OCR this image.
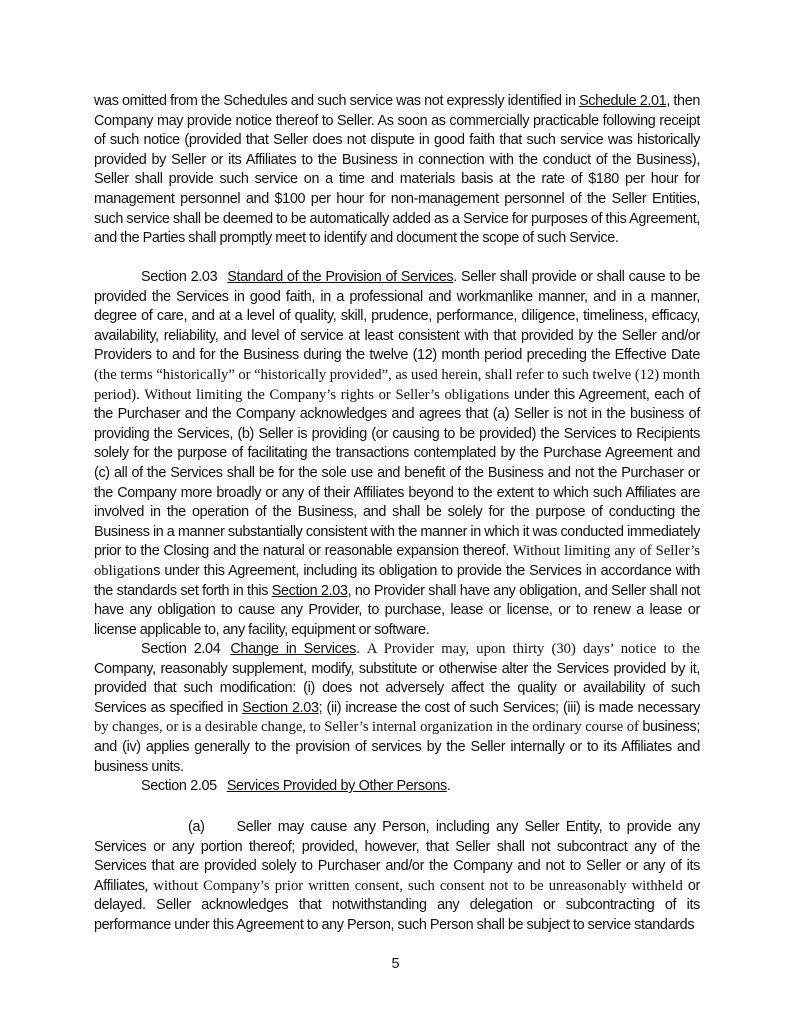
was omitted from the Schedules and such service was not expressly identified in Schedule 2.01, then Company may provide notice thereof to Seller. As soon as commercially practicable following receipt of such notice (provided that Seller does not dispute in good faith that such service was historically provided by Seller or its Affiliates to the Business in connection with the conduct of the Business), Seller shall provide such service on a time and materials basis at the rate of $180 per hour for management personnel and $100 per hour for non-management personnel of the Seller Entities, such service shall be deemed to be automatically added as a Service for purposes of this Agreement, and the Parties shall promptly meet to identify and document the scope of such Service.

Section 2.03 Standard of the Provision of Services. Seller shall provide or shall cause to be provided the Services in good faith, in a professional and workmanlike manner, and in a manner, degree of care, and at a level of quality, skill, prudence, performance, diligence, timeliness, efficacy, availability, reliability, and level of service at least consistent with that provided by the Seller and/or Providers to and for the Business during the twelve (12) month period preceding the Effective Date (the terms “historically” or “historically provided”, as used herein, shall refer to such twelve (12) month period). Without limiting the Company’s rights or Seller’s obligations under this Agreement, each of the Purchaser and the Company acknowledges and agrees that (a) Seller is not in the business of providing the Services, (b) Seller is providing (or causing to be provided) the Services to Recipients solely for the purpose of facilitating the transactions contemplated by the Purchase Agreement and (c) all of the Services shall be for the sole use and benefit of the Business and not the Purchaser or the Company more broadly or any of their Affiliates beyond to the extent to which such Affiliates are involved in the operation of the Business, and shall be solely for the purpose of conducting the Business in a manner substantially consistent with the manner in which it was conducted immediately prior to the Closing and the natural or reasonable expansion thereof. Without limiting any of Seller’s obligations under this Agreement, including its obligation to provide the Services in accordance with the standards set forth in this Section 2.03, no Provider shall have any obligation, and Seller shall not have any obligation to cause any Provider, to purchase, lease or license, or to renew a lease or license applicable to, any facility, equipment or software.

Section 2.04 Change in Services. A Provider may, upon thirty (30) days’ notice to the Company, reasonably supplement, modify, substitute or otherwise alter the Services provided by it, provided that such modification: (i) does not adversely affect the quality or availability of such Services as specified in Section 2.03; (ii) increase the cost of such Services; (iii) is made necessary by changes, or is a desirable change, to Seller’s internal organization in the ordinary course of business; and (iv) applies generally to the provision of services by the Seller internally or to its Affiliates and business units.

Section 2.05 Services Provided by Other Persons.

(a) Seller may cause any Person, including any Seller Entity, to provide any Services or any portion thereof; provided, however, that Seller shall not subcontract any of the Services that are provided solely to Purchaser and/or the Company and not to Seller or any of its Affiliates, without Company’s prior written consent, such consent not to be unreasonably withheld or delayed. Seller acknowledges that notwithstanding any delegation or subcontracting of its performance under this Agreement to any Person, such Person shall be subject to service standards

5
